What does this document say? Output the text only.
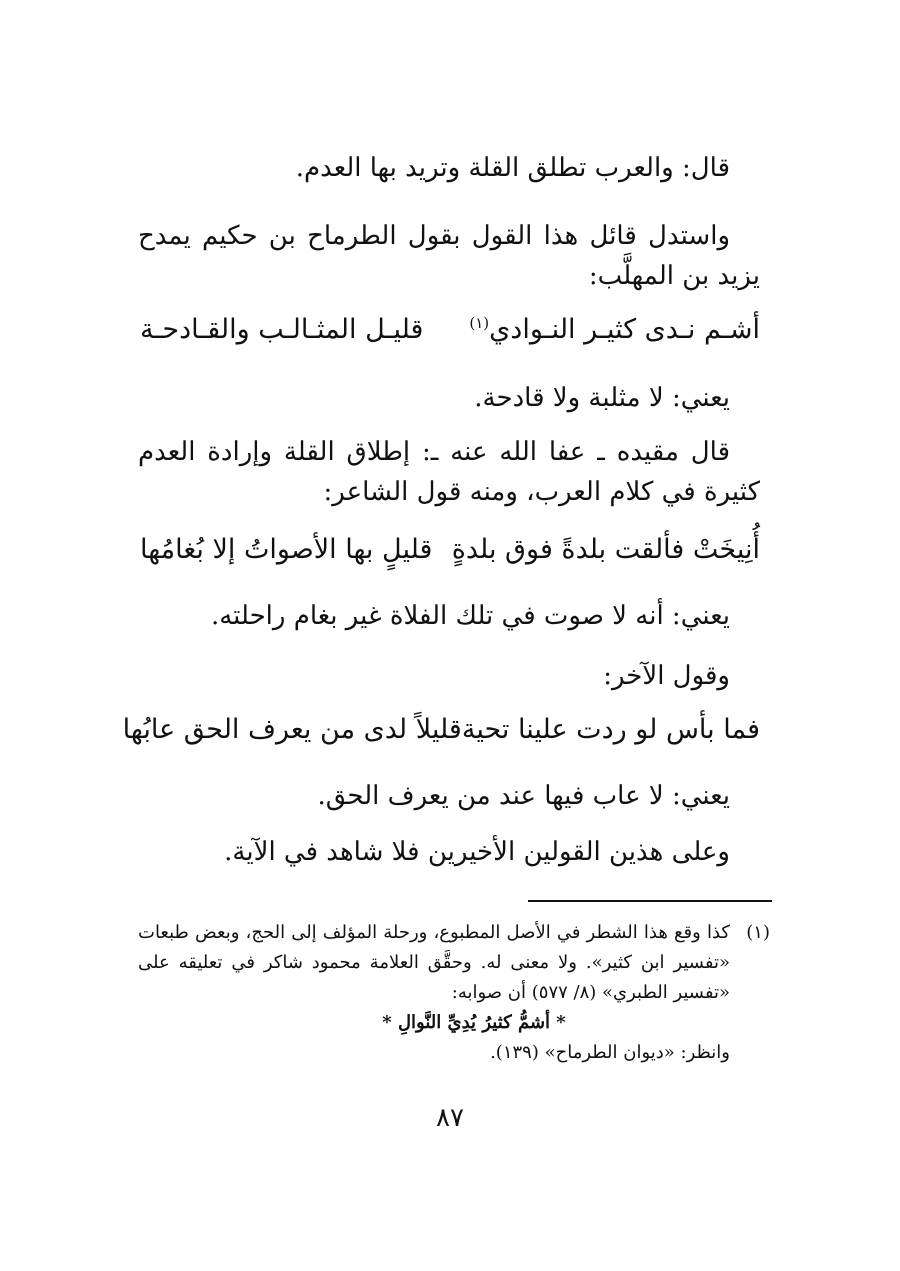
قال: والعرب تطلق القلة وتريد بها العدم.
واستدل قائل هذا القول بقول الطرماح بن حكيم يمدح يزيد بن المهلَّب:
أشـم نـدى كثيـر النـوادي$^{(١)}$
قليـل المثـالـب والقـادحـة
يعني: لا مثلبة ولا قادحة.
قال مقيده ـ عفا الله عنه ـ: إطلاق القلة وإرادة العدم كثيرة في كلام العرب، ومنه قول الشاعر:
أُنِيخَتْ فألقت بلدةً فوق بلدةٍ
قليلٍ بها الأصواتُ إلا بُغامُها
يعني: أنه لا صوت في تلك الفلاة غير بغام راحلته.
وقول الآخر:
فما بأس لو ردت علينا تحية
قليلاً لدى من يعرف الحق عابُها
يعني: لا عاب فيها عند من يعرف الحق.
وعلى هذين القولين الأخيرين فلا شاهد في الآية.
(١)
كذا وقع هذا الشطر في الأصل المطبوع، ورحلة المؤلف إلى الحج، وبعض طبعات «تفسير ابن كثير». ولا معنى له. وحقَّق العلامة محمود شاكر في تعليقه على «تفسير الطبري» (٨/ ٥٧٧) أن صوابه:
* أشمُّ كثيرُ يُدِيِّ النَّوالِ *
وانظر: «ديوان الطرماح» (١٣٩).
٨٧
